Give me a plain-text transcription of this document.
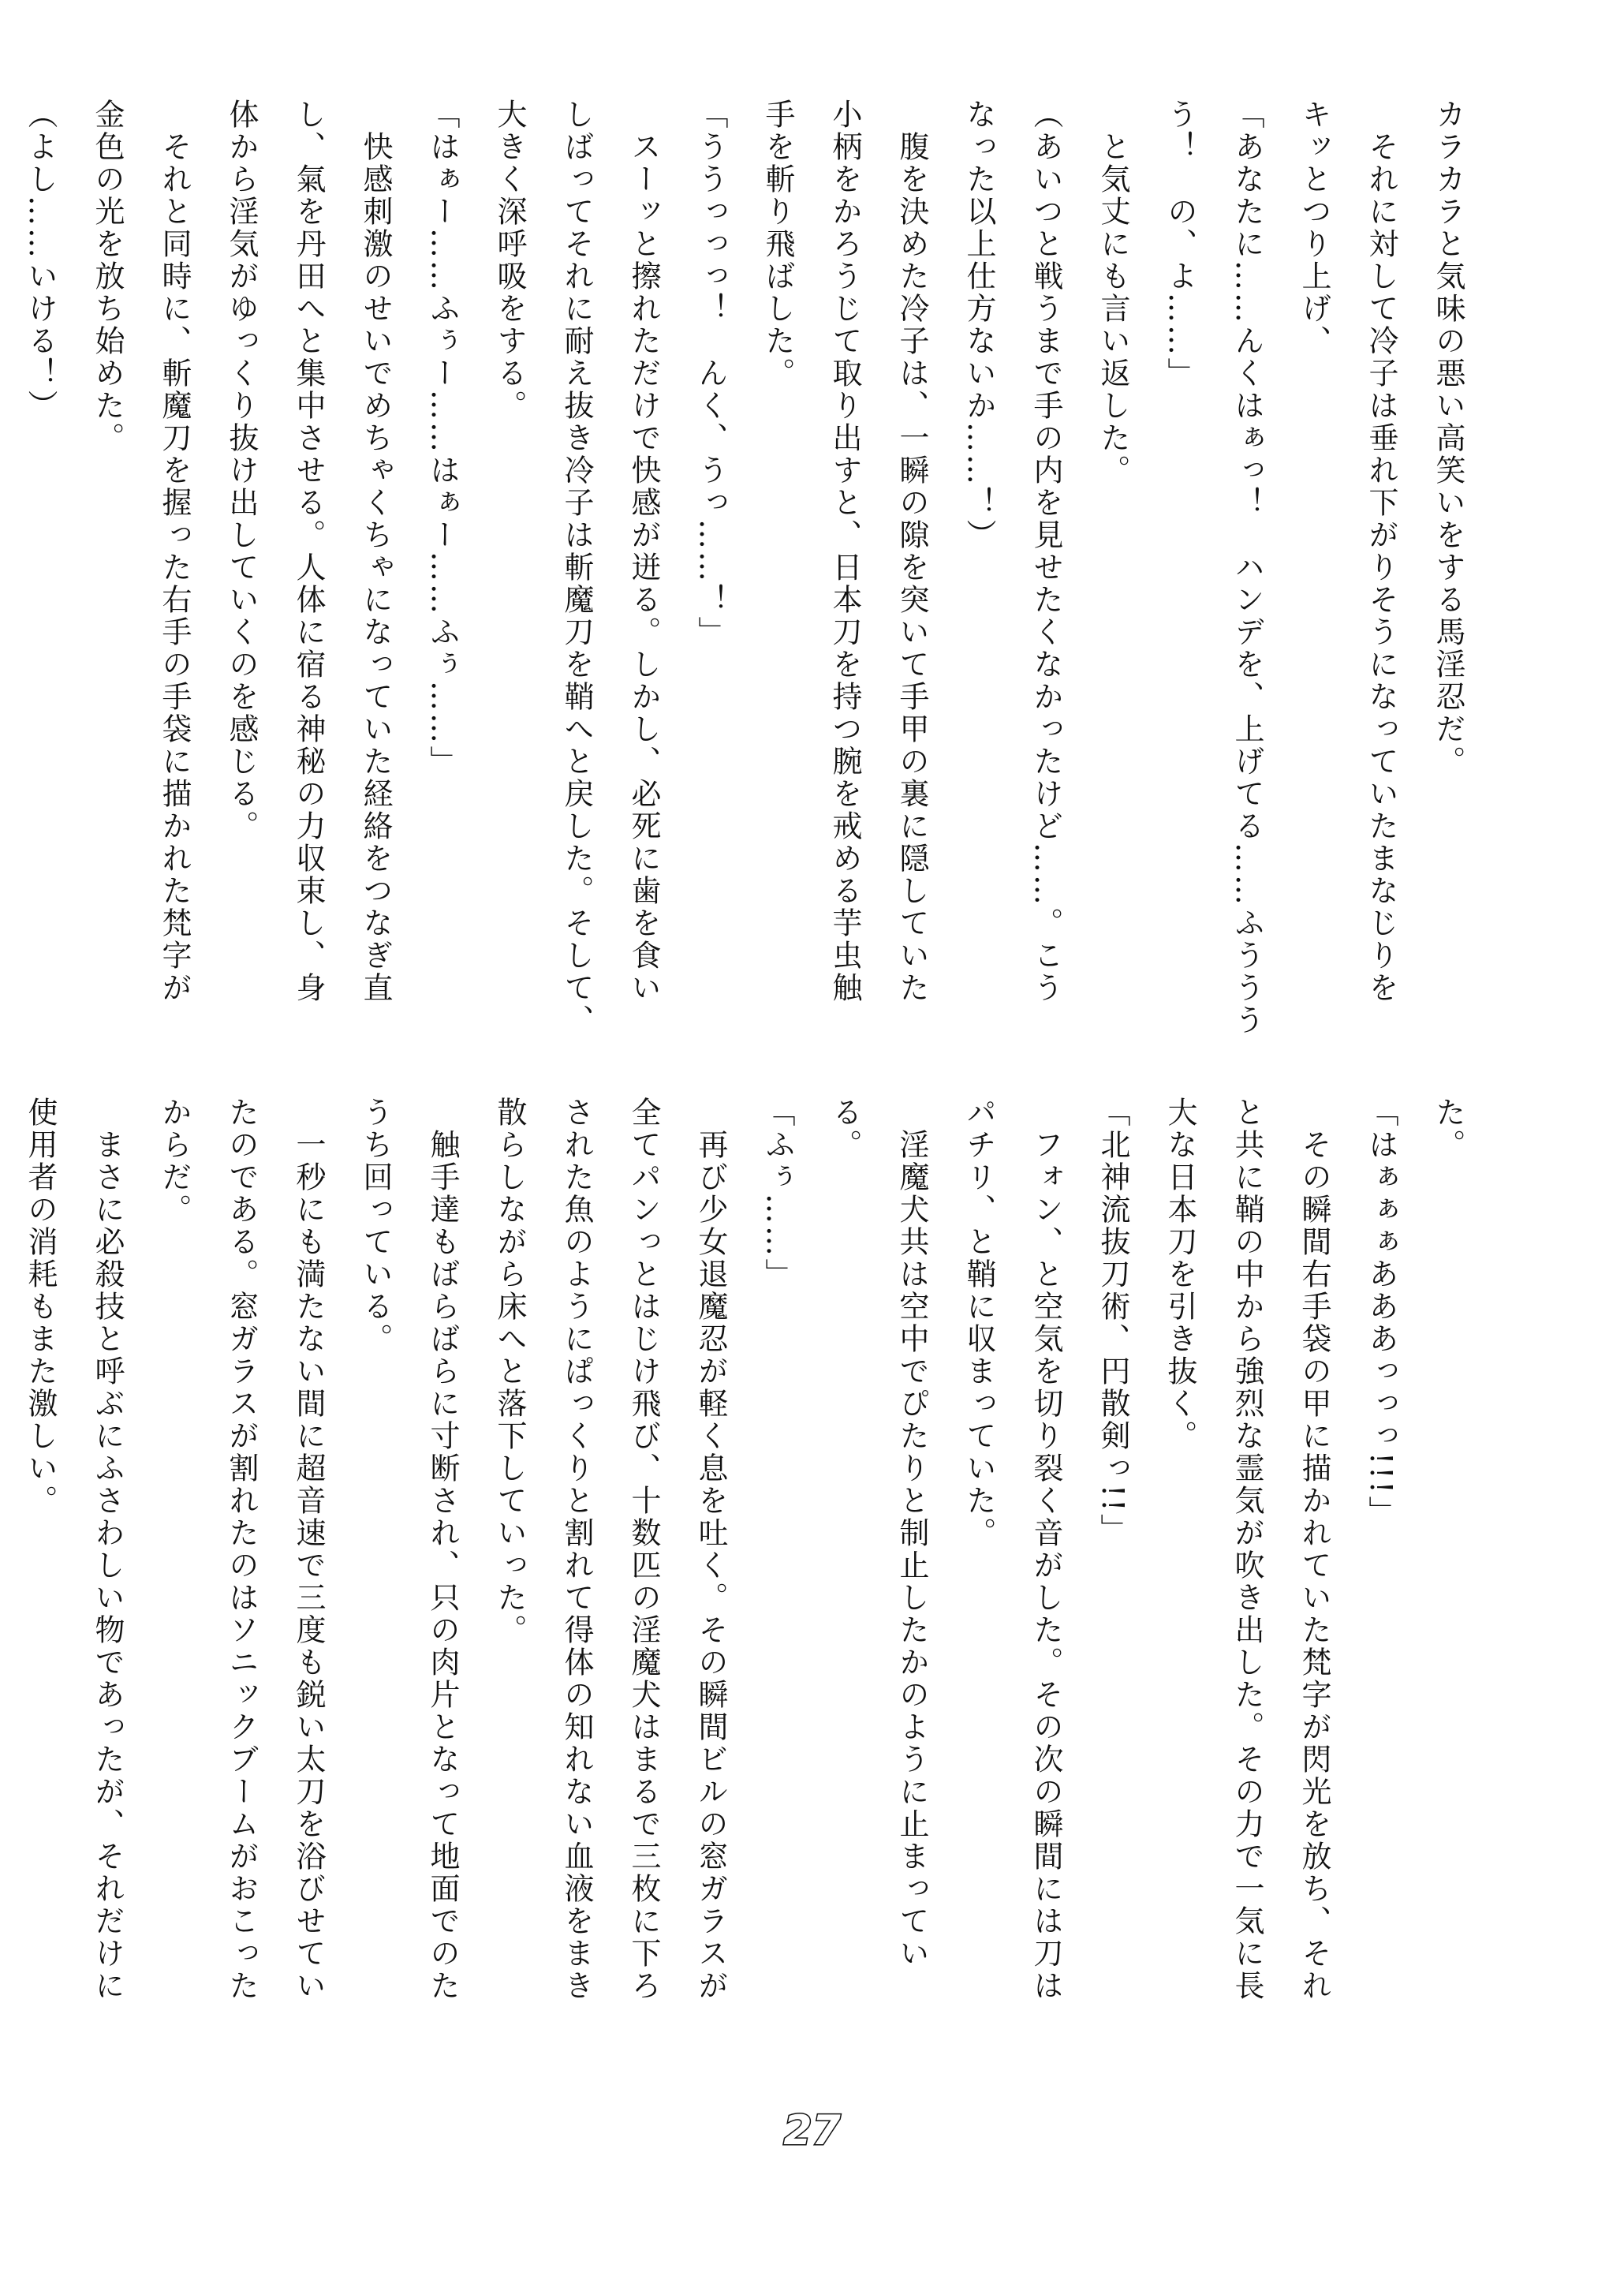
カラカラと気味の悪い高笑いをする馬淫忍だ。
　それに対して冷子は垂れ下がりそうになっていたまなじりを
キッとつり上げ、
「あなたに……んくはぁっ！　ハンデを、上げてる……ふううう
う！　の、よ……」
　と気丈にも言い返した。
（あいつと戦うまで手の内を見せたくなかったけど……。こう
なった以上仕方ないか……！）
　腹を決めた冷子は、一瞬の隙を突いて手甲の裏に隠していた
小柄をかろうじて取り出すと、日本刀を持つ腕を戒める芋虫触
手を斬り飛ばした。
「ううっっっ！　んく、うっ……！」
　スーッと擦れただけで快感が迸る。しかし、必死に歯を食い
しばってそれに耐え抜き冷子は斬魔刀を鞘へと戻した。そして、
大きく深呼吸をする。
「はぁー……ふぅー……はぁー……ふぅ……」
　快感刺激のせいでめちゃくちゃになっていた経絡をつなぎ直
し、氣を丹田へと集中させる。人体に宿る神秘の力収束し、身
体から淫気がゆっくり抜け出していくのを感じる。
　それと同時に、斬魔刀を握った右手の手袋に描かれた梵字が
金色の光を放ち始めた。
（よし……いける！）
た。
「はぁぁぁあああっっっ!!!」
　その瞬間右手袋の甲に描かれていた梵字が閃光を放ち、それ
と共に鞘の中から強烈な霊気が吹き出した。その力で一気に長
大な日本刀を引き抜く。
「北神流抜刀術、円散剣っ!!」
　フォン、と空気を切り裂く音がした。その次の瞬間には刀は
パチリ、と鞘に収まっていた。
　淫魔犬共は空中でぴたりと制止したかのように止まってい
る。
「ふぅ……」
　再び少女退魔忍が軽く息を吐く。その瞬間ビルの窓ガラスが
全てパンっとはじけ飛び、十数匹の淫魔犬はまるで三枚に下ろ
された魚のようにぱっくりと割れて得体の知れない血液をまき
散らしながら床へと落下していった。
　触手達もばらばらに寸断され、只の肉片となって地面でのた
うち回っている。
　一秒にも満たない間に超音速で三度も鋭い太刀を浴びせてい
たのである。窓ガラスが割れたのはソニックブームがおこった
からだ。
　まさに必殺技と呼ぶにふさわしい物であったが、それだけに
使用者の消耗もまた激しい。
27
